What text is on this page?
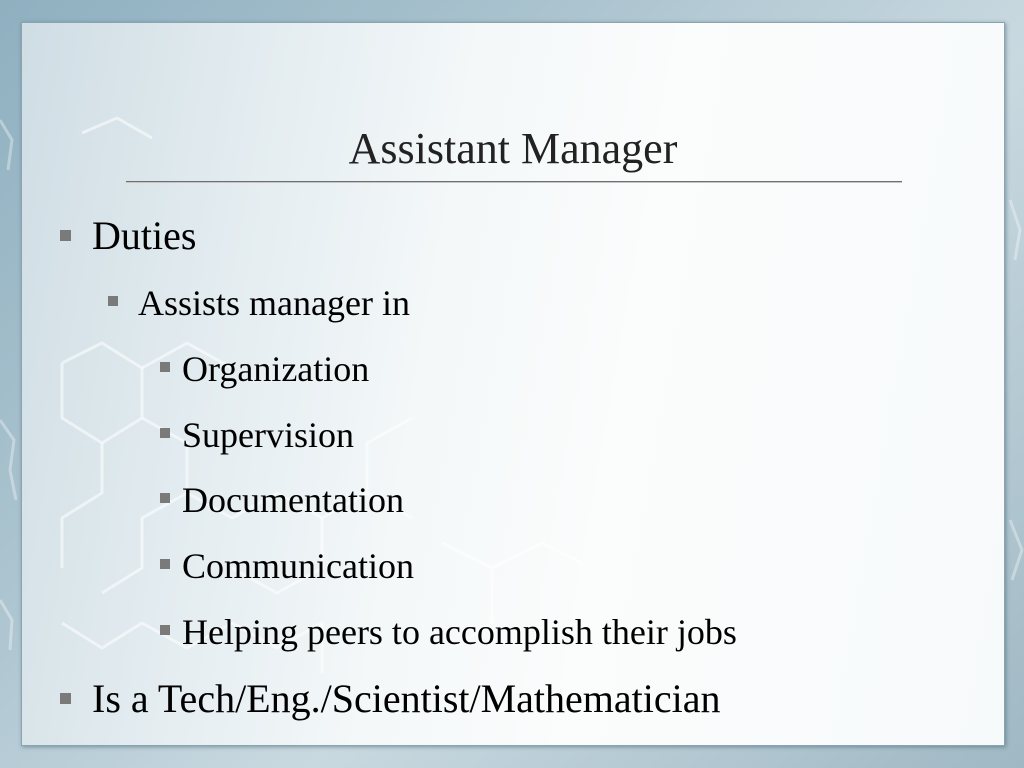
Assistant Manager
Duties
Assists manager in
Organization
Supervision
Documentation
Communication
Helping peers to accomplish their jobs
Is a Tech/Eng./Scientist/Mathematician
